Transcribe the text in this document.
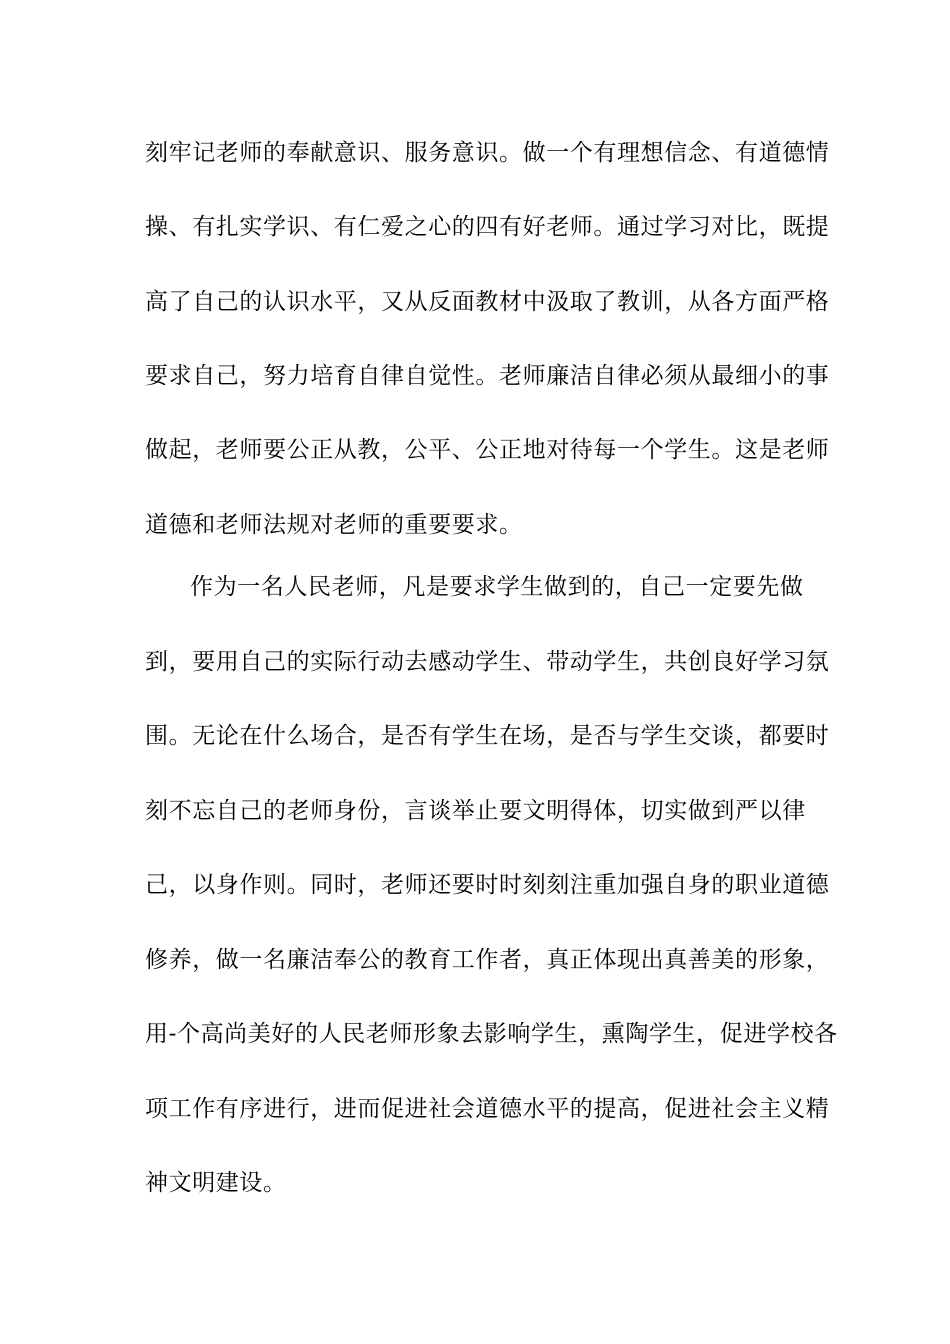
刻牢记老师的奉献意识、服务意识。做一个有理想信念、有道德情
操、有扎实学识、有仁爱之心的四有好老师。通过学习对比，既提
高了自己的认识水平，又从反面教材中汲取了教训，从各方面严格
要求自己，努力培育自律自觉性。老师廉洁自律必须从最细小的事
做起，老师要公正从教，公平、公正地对待每一个学生。这是老师
道德和老师法规对老师的重要要求。
作为一名人民老师，凡是要求学生做到的，自己一定要先做
到，要用自己的实际行动去感动学生、带动学生，共创良好学习氛
围。无论在什么场合，是否有学生在场，是否与学生交谈，都要时
刻不忘自己的老师身份，言谈举止要文明得体，切实做到严以律
己，以身作则。同时，老师还要时时刻刻注重加强自身的职业道德
修养，做一名廉洁奉公的教育工作者，真正体现出真善美的形象，
用-个高尚美好的人民老师形象去影响学生，熏陶学生，促进学校各
项工作有序进行，进而促进社会道德水平的提高，促进社会主义精
神文明建设。
